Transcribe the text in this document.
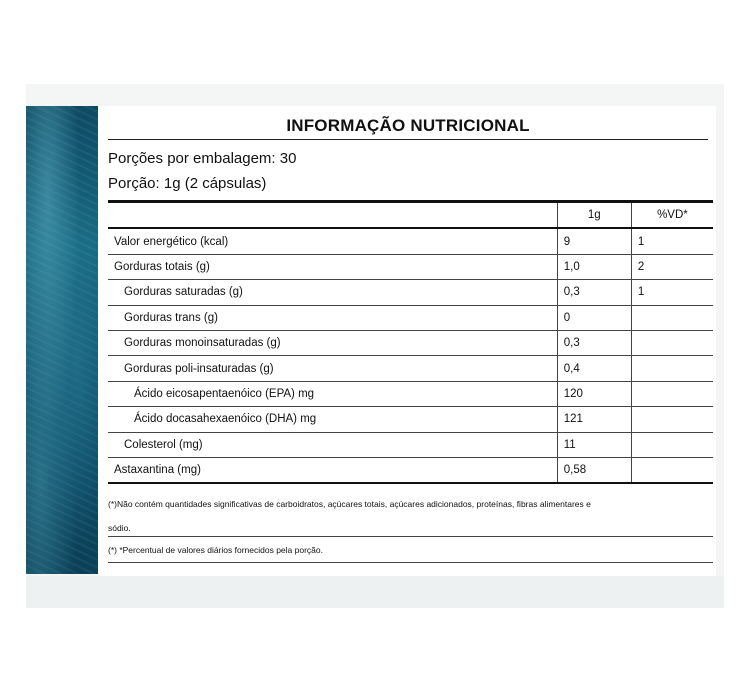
INFORMAÇÃO NUTRICIONAL
Porções por embalagem: 30
Porção: 1g (2 cápsulas)
	1g	%VD*
Valor energético (kcal)	9	1
Gorduras totais (g)	1,0	2
Gorduras saturadas (g)	0,3	1
Gorduras trans (g)	0	
Gorduras monoinsaturadas (g)	0,3	
Gorduras poli-insaturadas (g)	0,4	
Ácido eicosapentaenóico (EPA) mg	120	
Ácido docasahexaenóico (DHA) mg	121	
Colesterol (mg)	11	
Astaxantina (mg)	0,58	
(*)Não contém quantidades significativas de carboidratos, açúcares totais, açúcares adicionados, proteínas, fibras alimentares e
sódio.
(*) *Percentual de valores diários fornecidos pela porção.
